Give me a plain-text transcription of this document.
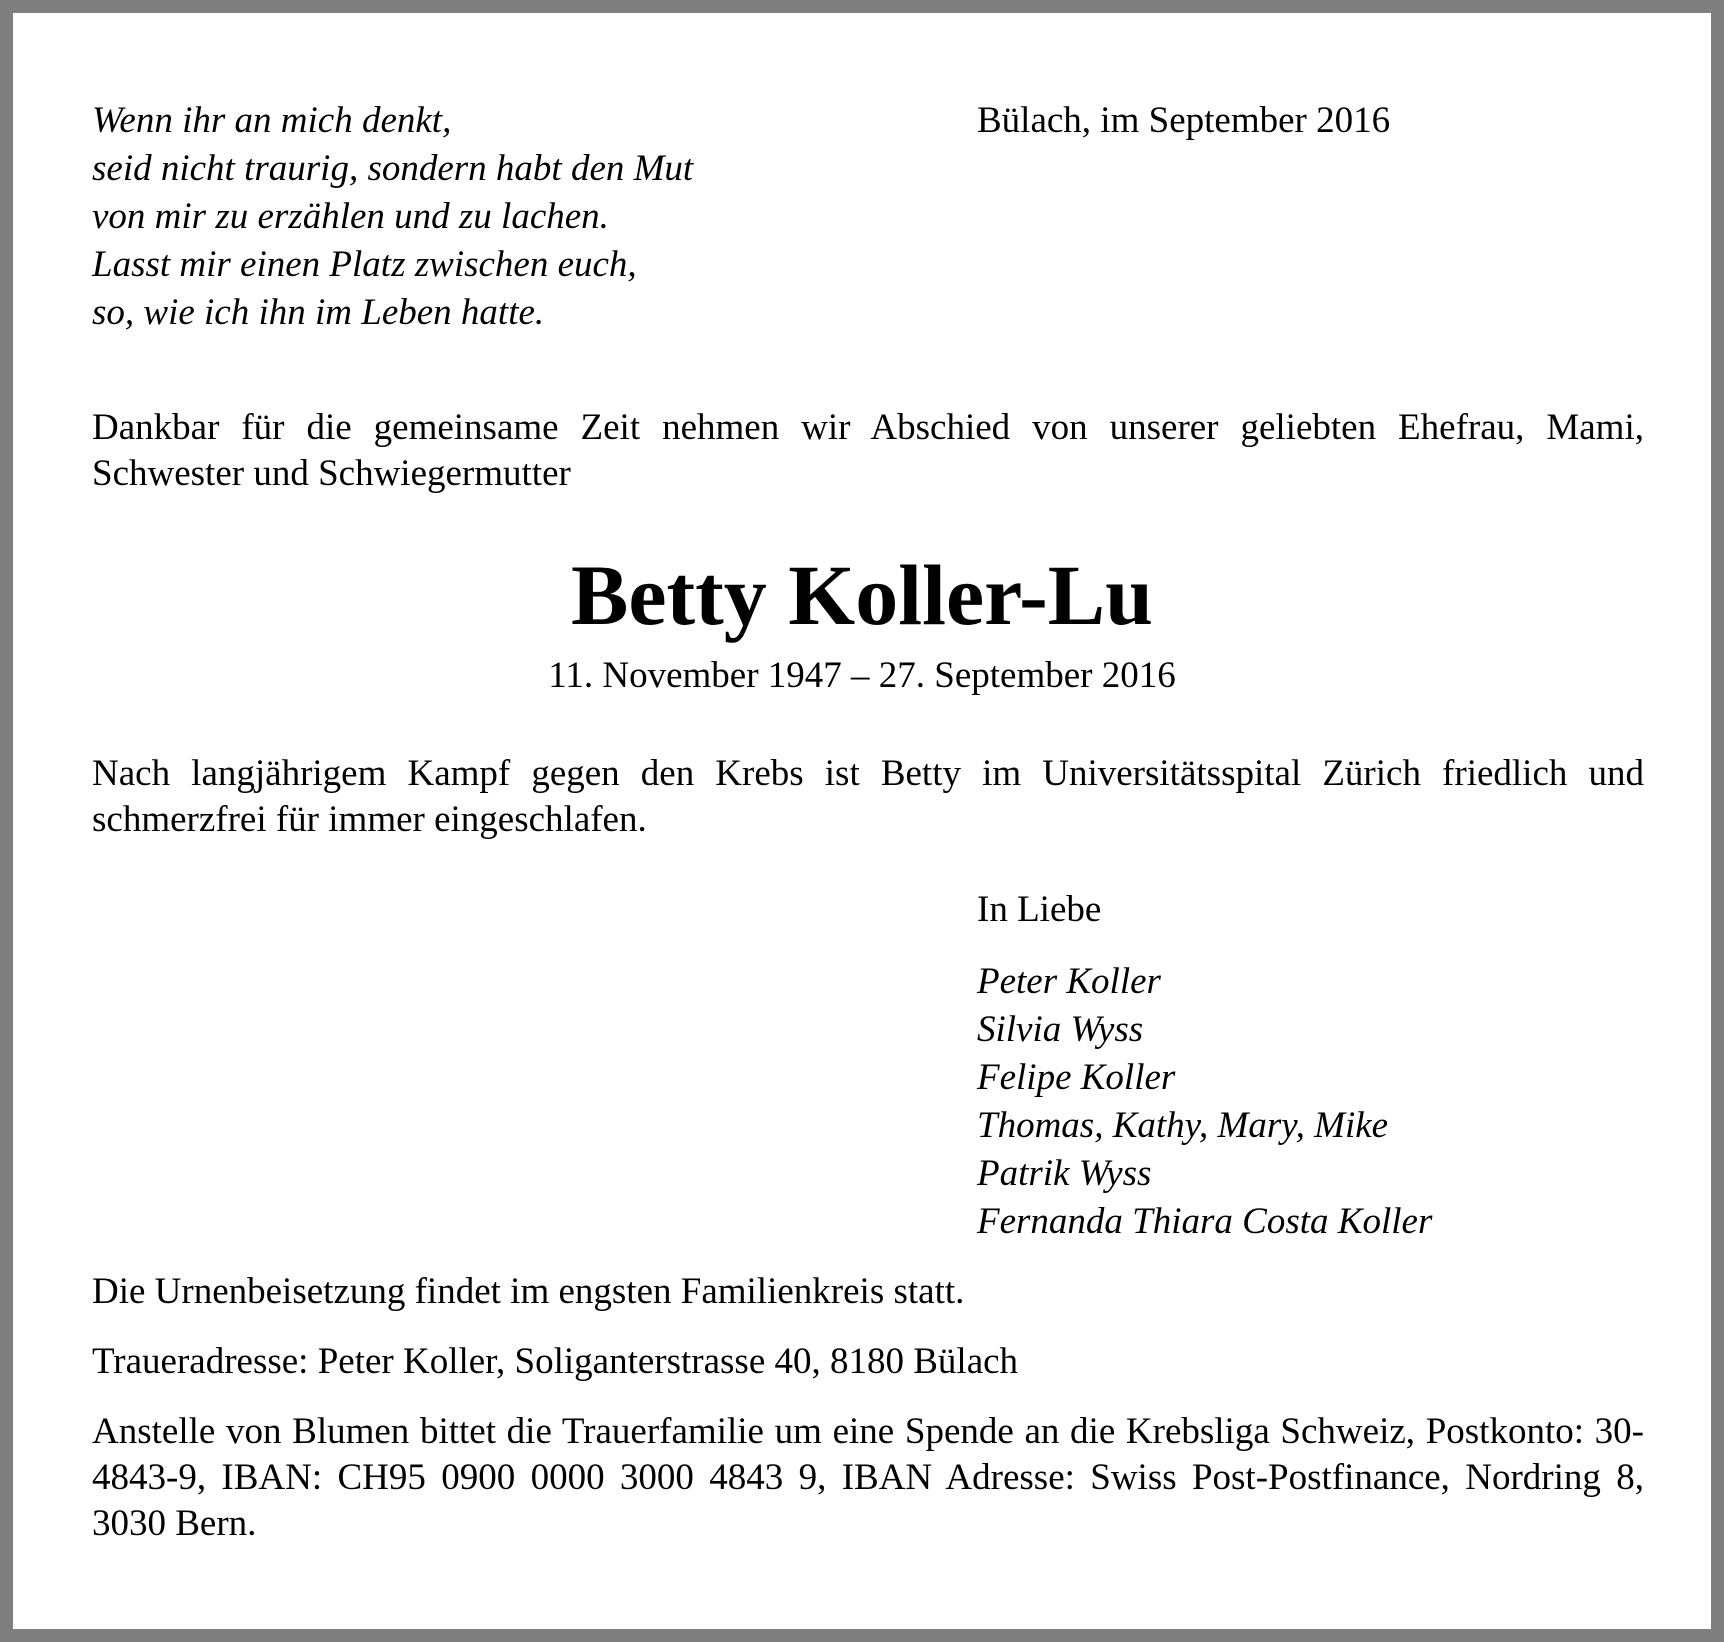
Wenn ihr an mich denkt,
seid nicht traurig, sondern habt den Mut
von mir zu erzählen und zu lachen.
Lasst mir einen Platz zwischen euch,
so, wie ich ihn im Leben hatte.
Bülach, im September 2016
Dankbar für die gemeinsame Zeit nehmen wir Abschied von unserer geliebten Ehefrau, Mami, Schwester und Schwiegermutter
Betty Koller-Lu
11. November 1947 – 27. September 2016
Nach langjährigem Kampf gegen den Krebs ist Betty im Universitätsspital Zürich friedlich und schmerzfrei für immer eingeschlafen.
In Liebe
Peter Koller
Silvia Wyss
Felipe Koller
Thomas, Kathy, Mary, Mike
Patrik Wyss
Fernanda Thiara Costa Koller
Die Urnenbeisetzung findet im engsten Familienkreis statt.
Traueradresse: Peter Koller, Soliganterstrasse 40, 8180 Bülach
Anstelle von Blumen bittet die Trauerfamilie um eine Spende an die Krebsliga Schweiz, Postkonto: 30-4843-9, IBAN: CH95 0900 0000 3000 4843 9, IBAN Adresse: Swiss Post-Postfinance, Nordring 8, 3030 Bern.
